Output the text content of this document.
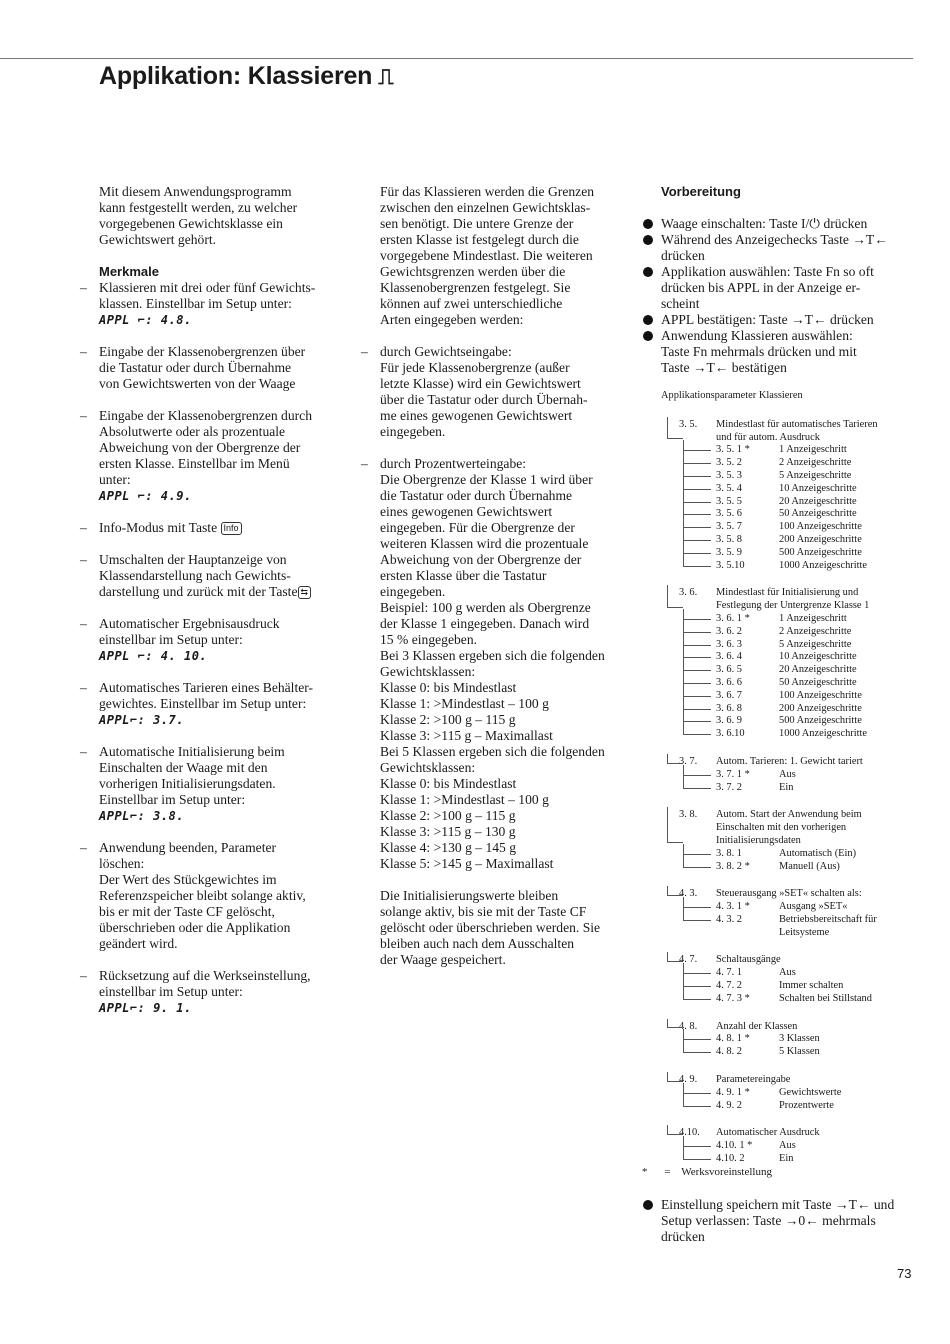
Applikation: Klassieren ⎍

Mit diesem Anwendungsprogramm
kann festgestellt werden, zu welcher
vorgegebenen Gewichtsklasse ein
Gewichtswert gehört.

Merkmale

– Klassieren mit drei oder fünf Gewichts-
klassen. Einstellbar im Setup unter:

APPL ⌐: 4.8.

– Eingabe der Klassenobergrenzen über
die Tastatur oder durch Übernahme
von Gewichtswerten von der Waage

– Eingabe der Klassenobergrenzen durch
Absolutwerte oder als prozentuale
Abweichung von der Obergrenze der
ersten Klasse. Einstellbar im Menü
unter:

APPL ⌐: 4.9.

– Info-Modus mit Taste Info

– Umschalten der Hauptanzeige von
Klassendarstellung nach Gewichts-
darstellung und zurück mit der Taste ⇆

– Automatischer Ergebnisausdruck
einstellbar im Setup unter:

APPL ⌐: 4. 10.

– Automatisches Tarieren eines Behälter-
gewichtes. Einstellbar im Setup unter:

APPL⌐: 3.7.

– Automatische Initialisierung beim
Einschalten der Waage mit den
vorherigen Initialisierungsdaten.
Einstellbar im Setup unter:

APPL⌐: 3.8.

– Anwendung beenden, Parameter
löschen:
Der Wert des Stückgewichtes im
Referenzspeicher bleibt solange aktiv,
bis er mit der Taste CF gelöscht,
überschrieben oder die Applikation
geändert wird.

– Rücksetzung auf die Werkseinstellung,
einstellbar im Setup unter:

APPL⌐: 9. 1.

Für das Klassieren werden die Grenzen
zwischen den einzelnen Gewichtsklas-
sen benötigt. Die untere Grenze der
ersten Klasse ist festgelegt durch die
vorgegebene Mindestlast. Die weiteren
Gewichtsgrenzen werden über die
Klassenobergrenzen festgelegt. Sie
können auf zwei unterschiedliche
Arten eingegeben werden:

– durch Gewichtseingabe:
Für jede Klassenobergrenze (außer
letzte Klasse) wird ein Gewichtswert
über die Tastatur oder durch Übernah-
me eines gewogenen Gewichtswert
eingegeben.

– durch Prozentwerteingabe:
Die Obergrenze der Klasse 1 wird über
die Tastatur oder durch Übernahme
eines gewogenen Gewichtswert
eingegeben. Für die Obergrenze der
weiteren Klassen wird die prozentuale
Abweichung von der Obergrenze der
ersten Klasse über die Tastatur
eingegeben.
Beispiel: 100 g werden als Obergrenze
der Klasse 1 eingegeben. Danach wird
15 % eingegeben.
Bei 3 Klassen ergeben sich die folgenden
Gewichtsklassen:
Klasse 0: bis Mindestlast
Klasse 1: >Mindestlast – 100 g
Klasse 2: >100 g – 115 g
Klasse 3: >115 g – Maximallast
Bei 5 Klassen ergeben sich die folgenden
Gewichtsklassen:
Klasse 0: bis Mindestlast
Klasse 1: >Mindestlast – 100 g
Klasse 2: >100 g – 115 g
Klasse 3: >115 g – 130 g
Klasse 4: >130 g – 145 g
Klasse 5: >145 g – Maximallast

Die Initialisierungswerte bleiben
solange aktiv, bis sie mit der Taste CF
gelöscht oder überschrieben werden. Sie
bleiben auch nach dem Ausschalten
der Waage gespeichert.

Vorbereitung

Waage einschalten: Taste I/⏻ drücken

Während des Anzeigechecks Taste →T←
drücken

Applikation auswählen: Taste Fn so oft
drücken bis APPL in der Anzeige er-
scheint

APPL bestätigen: Taste →T← drücken

Anwendung Klassieren auswählen:
Taste Fn mehrmals drücken und mit
Taste →T← bestätigen

Applikationsparameter Klassieren
3. 5.	Mindestlast für automatisches Tarieren
und für autom. Ausdruck
3. 5. 1 *	1 Anzeigeschritt
3. 5. 2	2 Anzeigeschritte
3. 5. 3	5 Anzeigeschritte
3. 5. 4	10 Anzeigeschritte
3. 5. 5	20 Anzeigeschritte
3. 5. 6	50 Anzeigeschritte
3. 5. 7	100 Anzeigeschritte
3. 5. 8	200 Anzeigeschritte
3. 5. 9	500 Anzeigeschritte
3. 5.10	1000 Anzeigeschritte
3. 6.	Mindestlast für Initialisierung und
Festlegung der Untergrenze Klasse 1
3. 6. 1 *	1 Anzeigeschritt
3. 6. 2	2 Anzeigeschritte
3. 6. 3	5 Anzeigeschritte
3. 6. 4	10 Anzeigeschritte
3. 6. 5	20 Anzeigeschritte
3. 6. 6	50 Anzeigeschritte
3. 6. 7	100 Anzeigeschritte
3. 6. 8	200 Anzeigeschritte
3. 6. 9	500 Anzeigeschritte
3. 6.10	1000 Anzeigeschritte
3. 7.	Autom. Tarieren: 1. Gewicht tariert
3. 7. 1 *	Aus
3. 7. 2	Ein
3. 8.	Autom. Start der Anwendung beim
Einschalten mit den vorherigen
Initialisierungsdaten
3. 8. 1	Automatisch (Ein)
3. 8. 2 *	Manuell (Aus)
4. 3.	Steuerausgang »SET« schalten als:
4. 3. 1 *	Ausgang »SET«
4. 3. 2	Betriebsbereitschaft für
Leitsysteme
4. 7.	Schaltausgänge
4. 7. 1	Aus
4. 7. 2	Immer schalten
4. 7. 3 *	Schalten bei Stillstand
4. 8.	Anzahl der Klassen
4. 8. 1 *	3 Klassen
4. 8. 2	5 Klassen
4. 9.	Parametereingabe
4. 9. 1 *	Gewichtswerte
4. 9. 2	Prozentwerte
4.10.	Automatischer Ausdruck
4.10. 1 *	Aus
4.10. 2	Ein
* = Werksvoreinstellung

Einstellung speichern mit Taste →T← und
Setup verlassen: Taste →0← mehrmals
drücken

73
